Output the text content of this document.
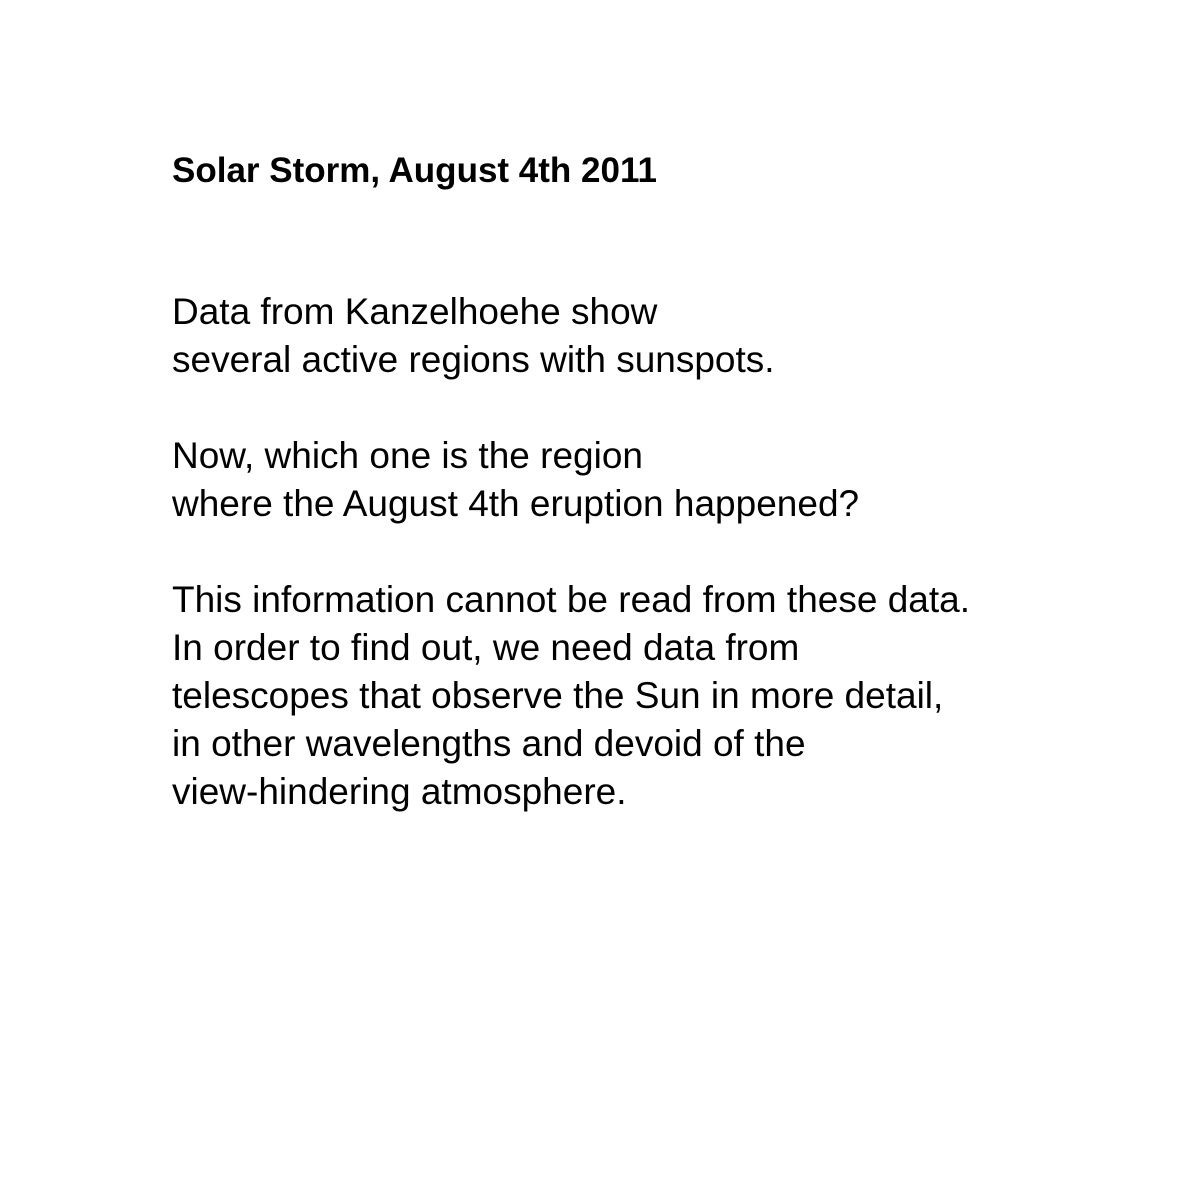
Solar Storm, August 4th 2011

Data from Kanzelhoehe show
several active regions with sunspots.

Now, which one is the region
where the August 4th eruption happened?

This information cannot be read from these data.
In order to find out, we need data from
telescopes that observe the Sun in more detail,
in other wavelengths and devoid of the
view-hindering atmosphere.
